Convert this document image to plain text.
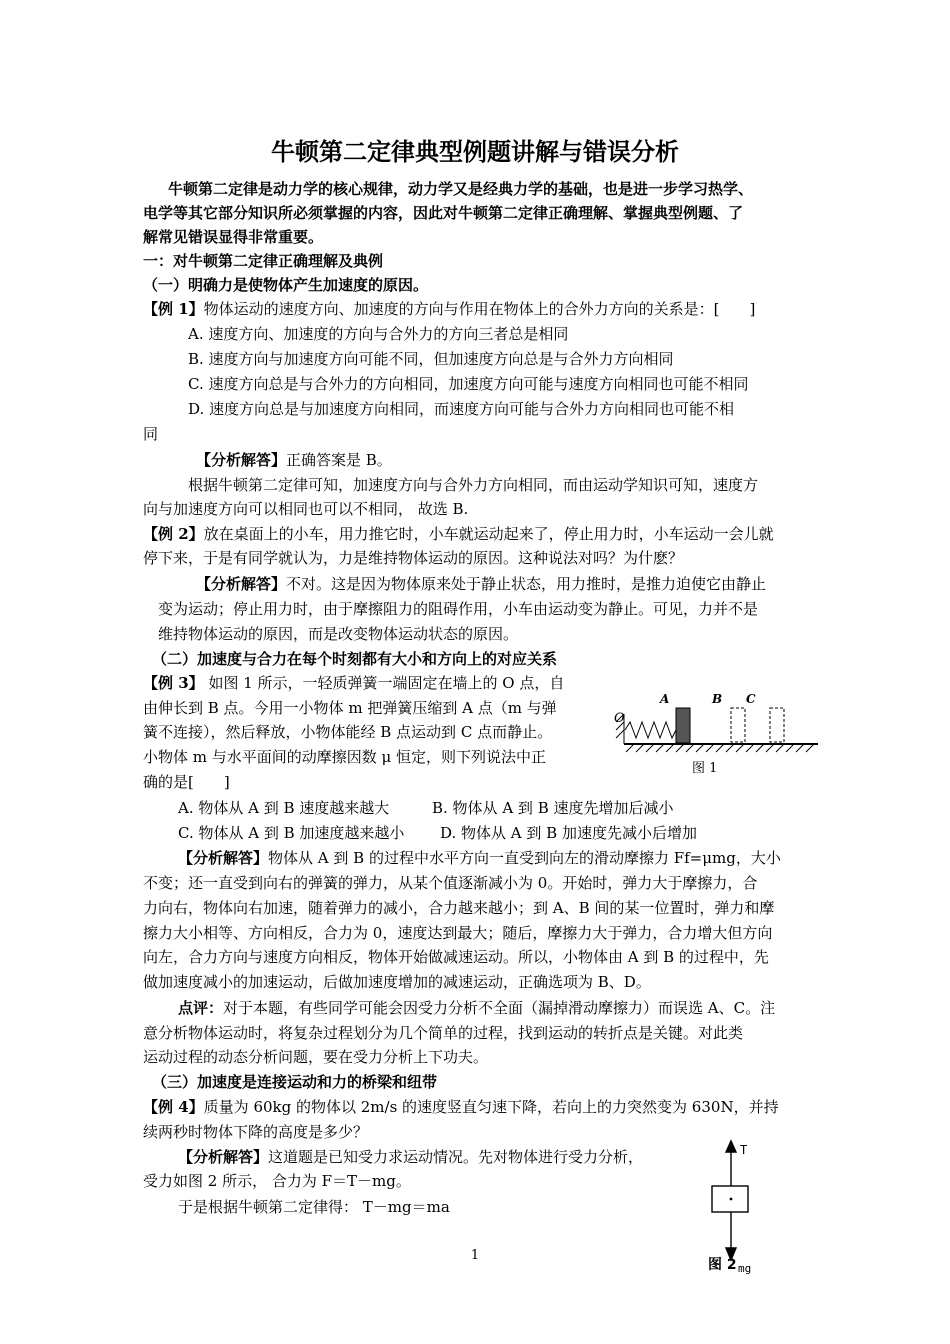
牛顿第二定律典型例题讲解与错误分析
牛顿第二定律是动力学的核心规律，动力学又是经典力学的基础，也是进一步学习热学、
电学等其它部分知识所必须掌握的内容，因此对牛顿第二定律正确理解、掌握典型例题、了
解常见错误显得非常重要。
一：对牛顿第二定律正确理解及典例
（一）明确力是使物体产生加速度的原因。
【例 1】物体运动的速度方向、加速度的方向与作用在物体上的合外力方向的关系是：[　　]
A. 速度方向、加速度的方向与合外力的方向三者总是相同
B. 速度方向与加速度方向可能不同，但加速度方向总是与合外力方向相同
C. 速度方向总是与合外力的方向相同，加速度方向可能与速度方向相同也可能不相同
D. 速度方向总是与加速度方向相同，而速度方向可能与合外力方向相同也可能不相
同
【分析解答】正确答案是 B。
根据牛顿第二定律可知，加速度方向与合外力方向相同，而由运动学知识可知，速度方
向与加速度方向可以相同也可以不相同， 故选 B.
【例 2】放在桌面上的小车，用力推它时，小车就运动起来了，停止用力时，小车运动一会儿就
停下来，于是有同学就认为，力是维持物体运动的原因。这种说法对吗？为什麽？
【分析解答】不对。这是因为物体原来处于静止状态，用力推时，是推力迫使它由静止
变为运动；停止用力时，由于摩擦阻力的阻碍作用，小车由运动变为静止。可见，力并不是
维持物体运动的原因，而是改变物体运动状态的原因。
（二）加速度与合力在每个时刻都有大小和方向上的对应关系
【例 3】 如图 1 所示，一轻质弹簧一端固定在墙上的 O 点，自
由伸长到 B 点。今用一小物体 m 把弹簧压缩到 A 点（m 与弹
簧不连接），然后释放，小物体能经 B 点运动到 C 点而静止。
小物体 m 与水平面间的动摩擦因数 μ 恒定，则下列说法中正
确的是[　　]
O
A	B C
图 1
A. 物体从 A 到 B 速度越来越大	B. 物体从 A 到 B 速度先增加后减小
C. 物体从 A 到 B 加速度越来越小 D. 物体从 A 到 B 加速度先减小后增加
【分析解答】物体从 A 到 B 的过程中水平方向一直受到向左的滑动摩擦力 Ff=μmg，大小
不变；还一直受到向右的弹簧的弹力，从某个值逐渐减小为 0。开始时，弹力大于摩擦力，合
力向右，物体向右加速，随着弹力的减小，合力越来越小；到 A、B 间的某一位置时，弹力和摩
擦力大小相等、方向相反，合力为 0，速度达到最大；随后，摩擦力大于弹力，合力增大但方向
向左，合力方向与速度方向相反，物体开始做减速运动。所以，小物体由 A 到 B 的过程中，先
做加速度减小的加速运动，后做加速度增加的减速运动，正确选项为 B、D。
点评：对于本题，有些同学可能会因受力分析不全面（漏掉滑动摩擦力）而误选 A、C。注
意分析物体运动时，将复杂过程划分为几个简单的过程，找到运动的转折点是关键。对此类
运动过程的动态分析问题，要在受力分析上下功夫。
（三）加速度是连接运动和力的桥梁和纽带
【例 4】质量为 60kg 的物体以 2m/s 的速度竖直匀速下降，若向上的力突然变为 630N，并持
续两秒时物体下降的高度是多少？
【分析解答】这道题是已知受力求运动情况。先对物体进行受力分析，
受力如图 2 所示， 合力为 F＝T－mg。
于是根据牛顿第二定律得： T－mg＝ma
T
mg
图 2
1
